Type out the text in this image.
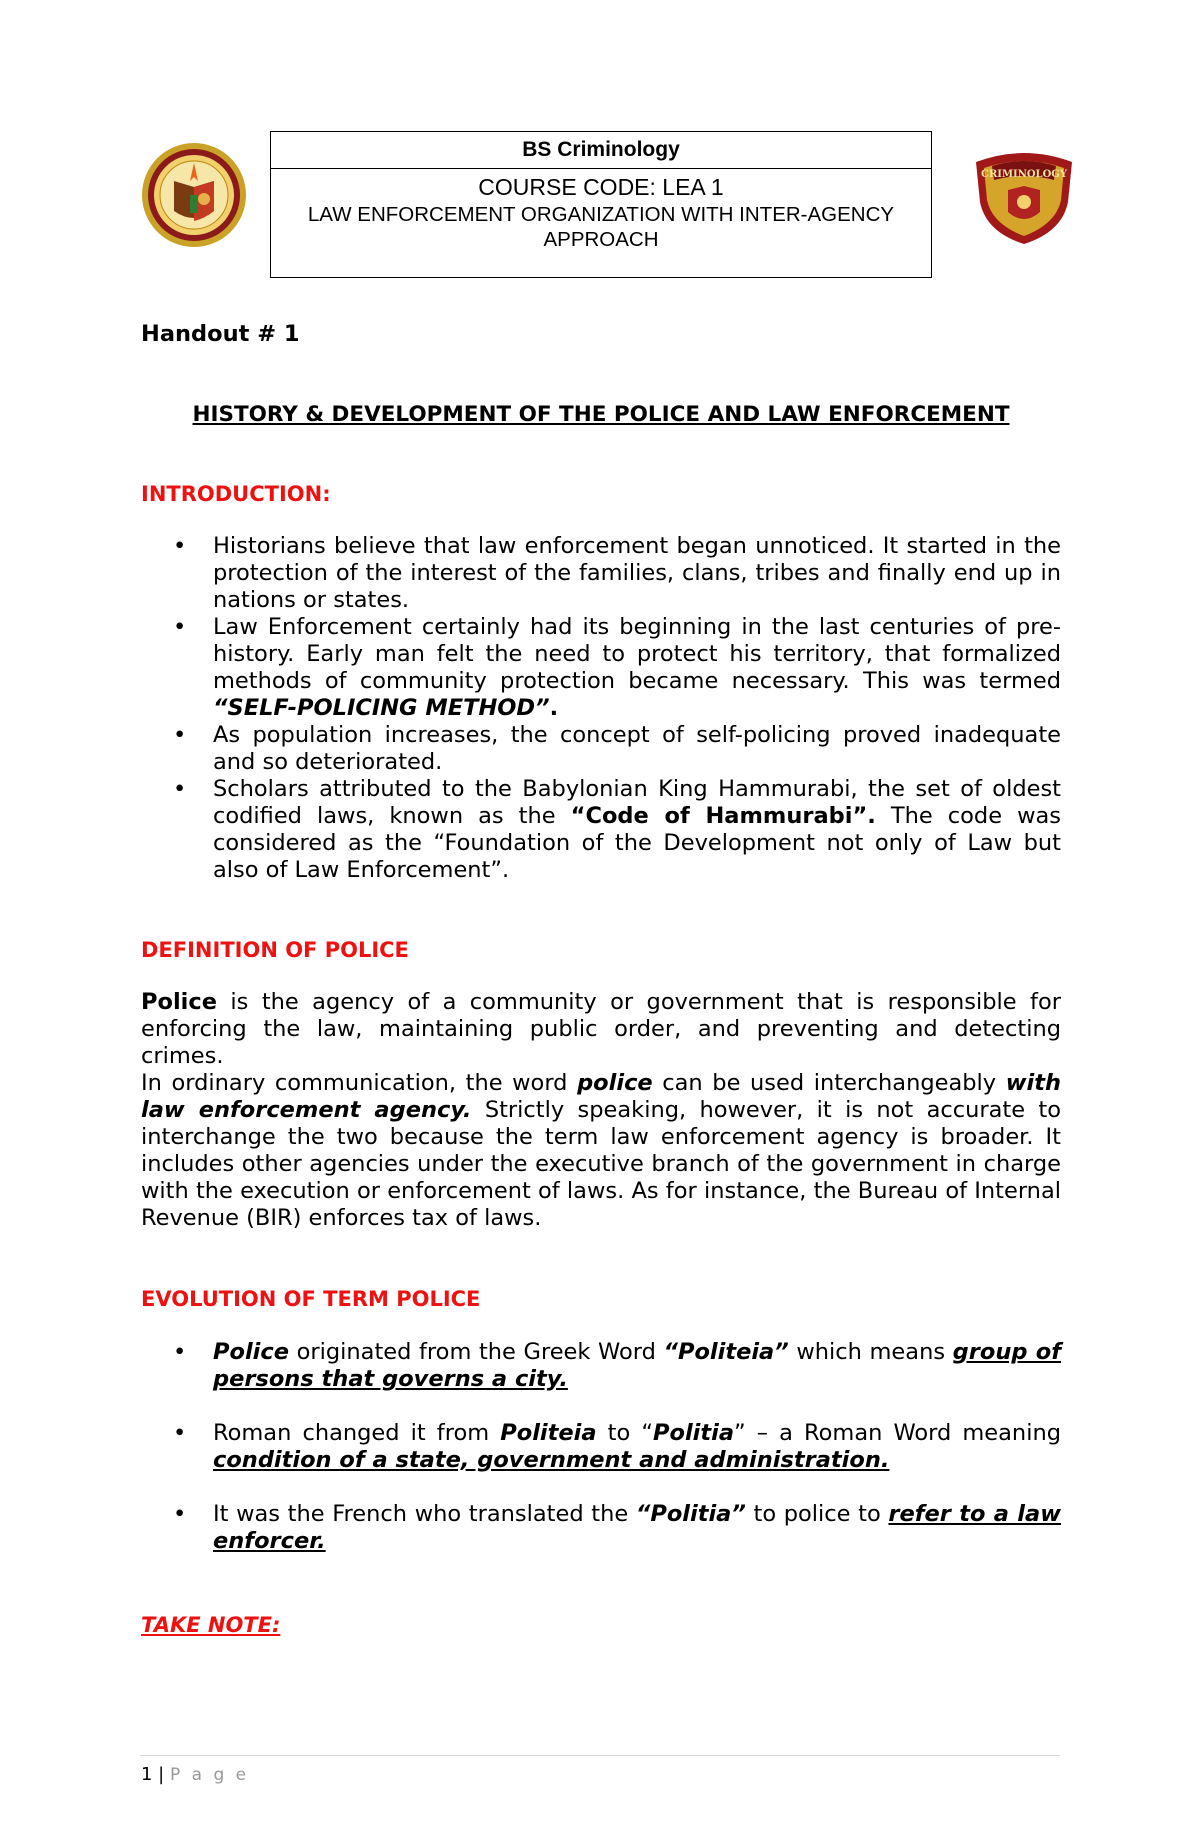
BS Criminology
COURSE CODE: LEA 1
LAW ENFORCEMENT ORGANIZATION WITH INTER-AGENCY
APPROACH
CRIMINOLOGY
Handout # 1
HISTORY & DEVELOPMENT OF THE POLICE AND LAW ENFORCEMENT
INTRODUCTION:
• Historians believe that law enforcement began unnoticed. It started in the protection of the interest of the families, clans, tribes and finally end up in nations or states.
• Law Enforcement certainly had its beginning in the last centuries of pre-history. Early man felt the need to protect his territory, that formalized methods of community protection became necessary. This was termed “SELF-POLICING METHOD”.
• As population increases, the concept of self-policing proved inadequate and so deteriorated.
• Scholars attributed to the Babylonian King Hammurabi, the set of oldest codified laws, known as the “Code of Hammurabi”. The code was considered as the “Foundation of the Development not only of Law but also of Law Enforcement”.
DEFINITION OF POLICE
Police is the agency of a community or government that is responsible for enforcing the law, maintaining public order, and preventing and detecting crimes.
In ordinary communication, the word police can be used interchangeably with law enforcement agency. Strictly speaking, however, it is not accurate to interchange the two because the term law enforcement agency is broader. It includes other agencies under the executive branch of the government in charge with the execution or enforcement of laws. As for instance, the Bureau of Internal Revenue (BIR) enforces tax of laws.
EVOLUTION OF TERM POLICE
• Police originated from the Greek Word “Politeia” which means group of persons that governs a city.
• Roman changed it from Politeia to “Politia” – a Roman Word meaning condition of a state, government and administration.
• It was the French who translated the “Politia” to police to refer to a law enforcer.
TAKE NOTE:
1 | P a g e
